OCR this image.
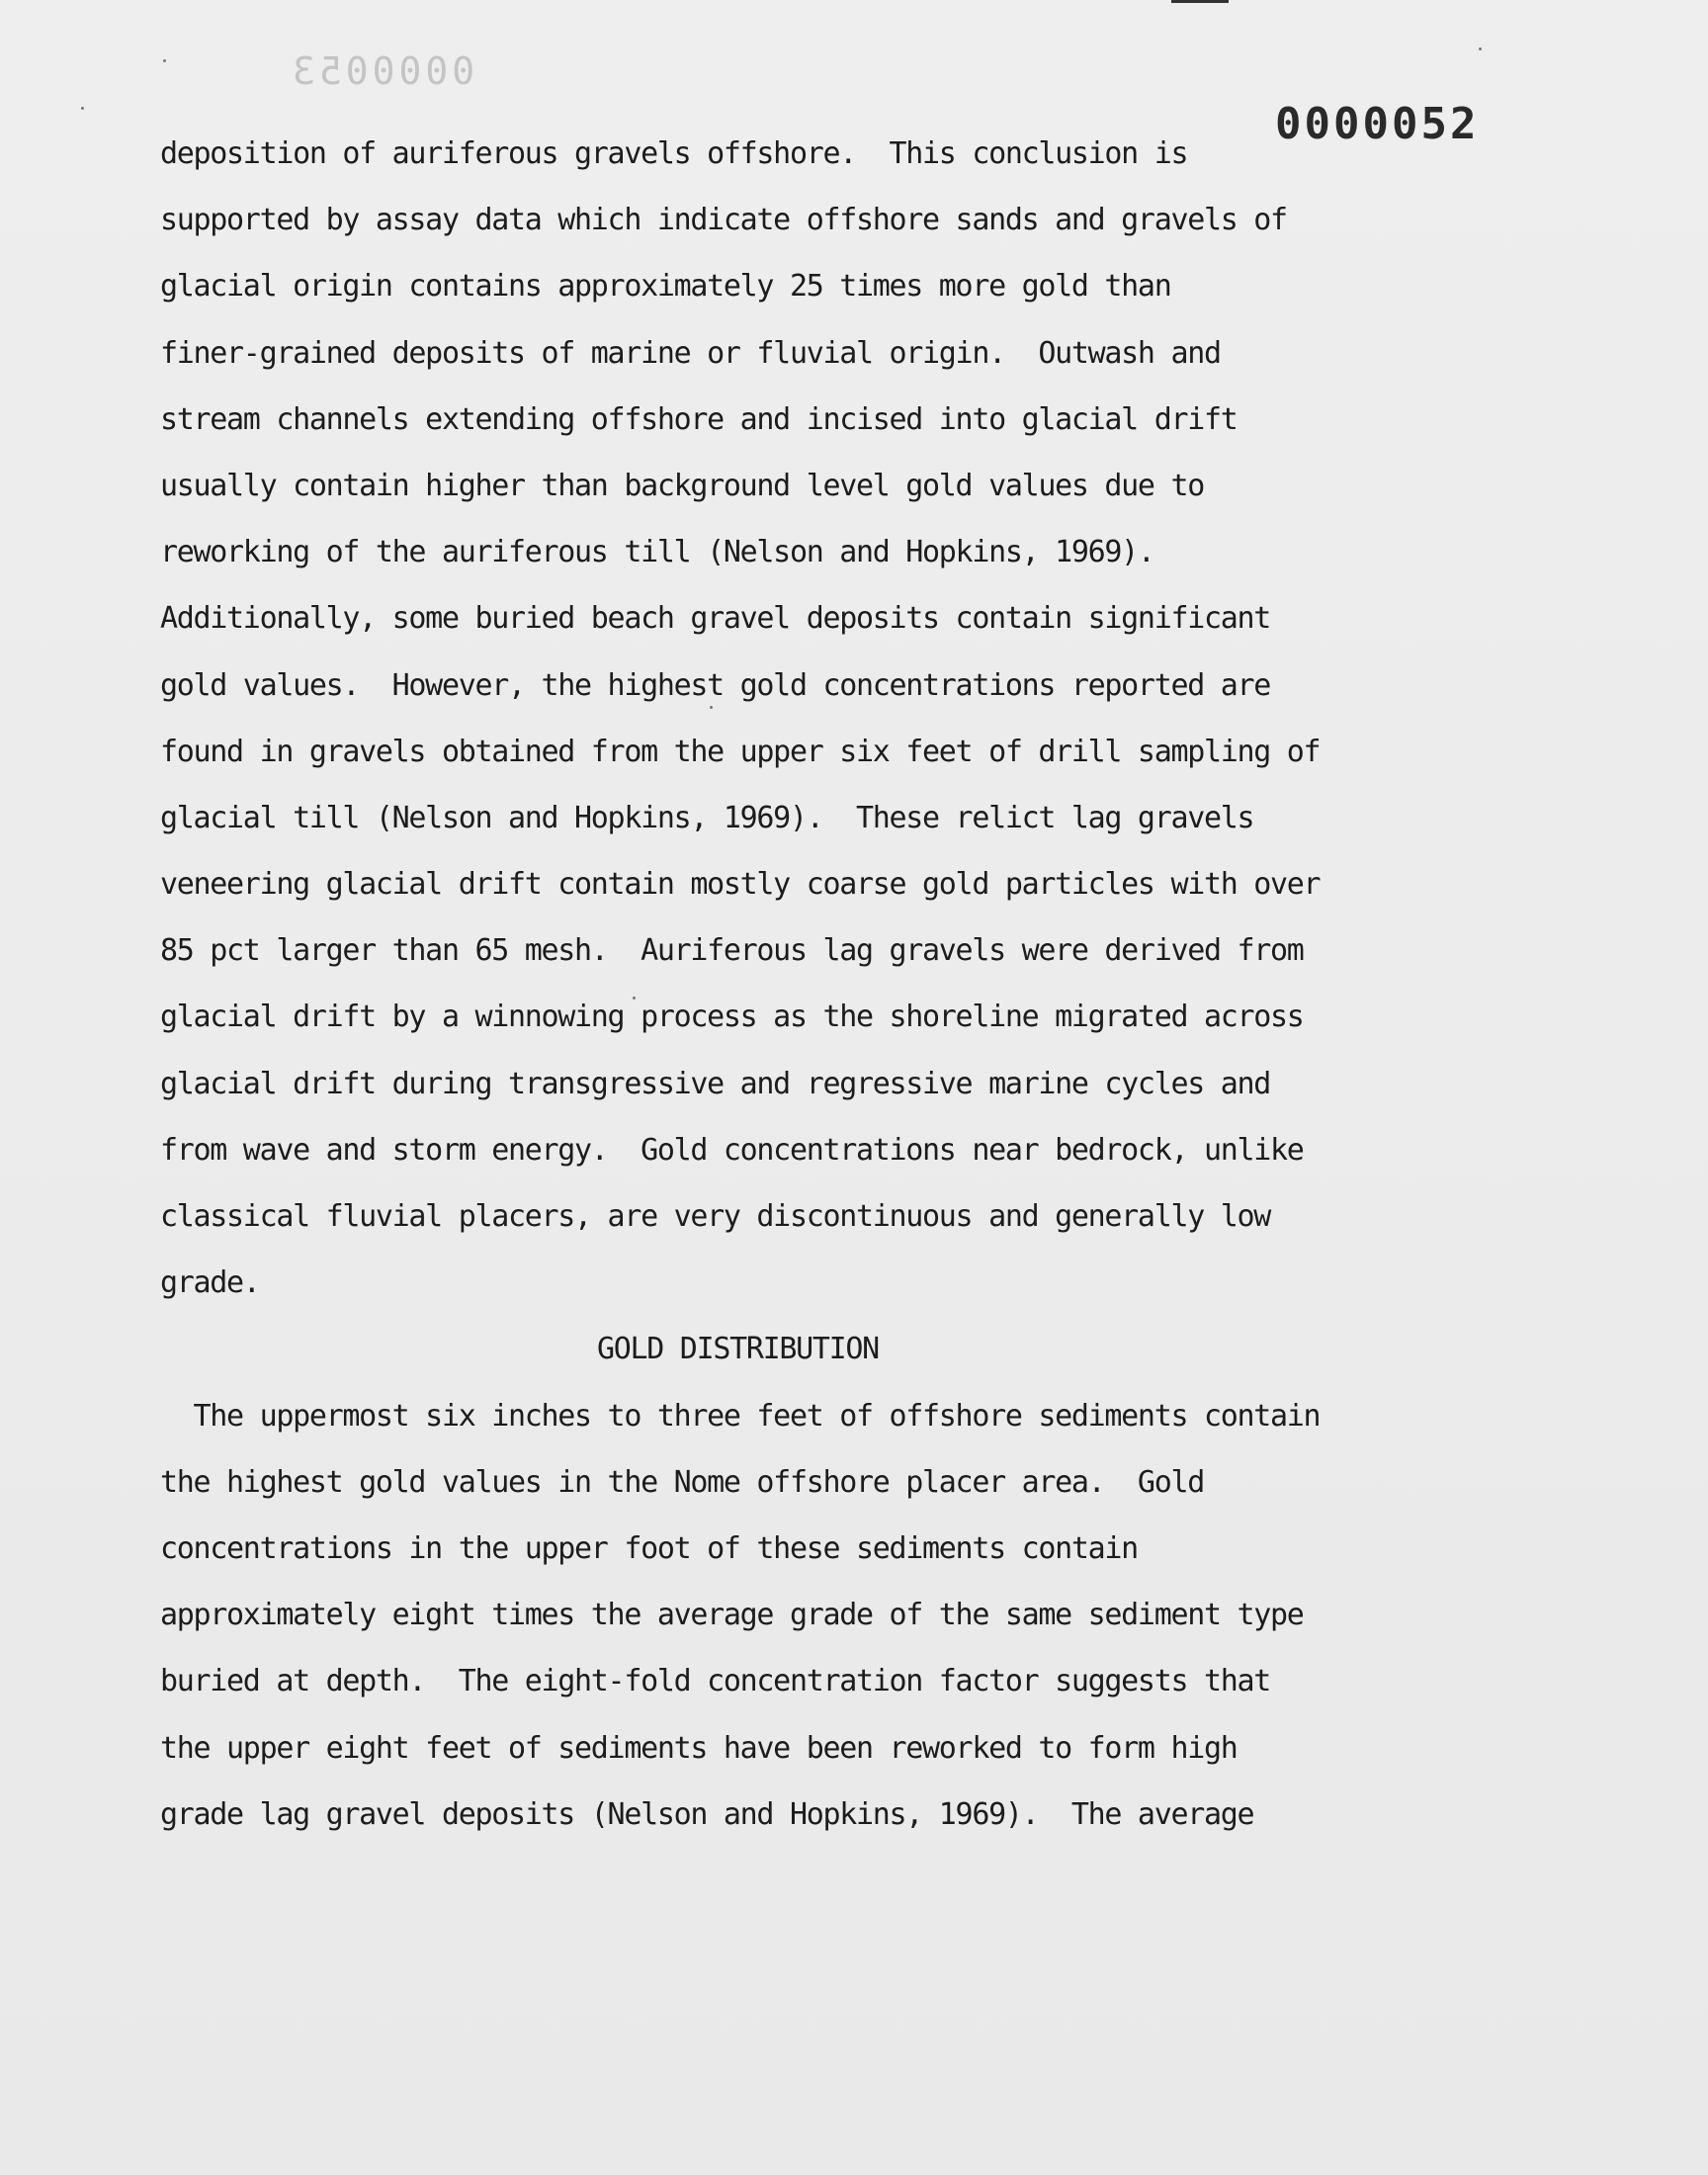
0000053
0000052
deposition of auriferous gravels offshore.  This conclusion is
supported by assay data which indicate offshore sands and gravels of
glacial origin contains approximately 25 times more gold than
finer-grained deposits of marine or fluvial origin.  Outwash and
stream channels extending offshore and incised into glacial drift
usually contain higher than background level gold values due to
reworking of the auriferous till (Nelson and Hopkins, 1969).
Additionally, some buried beach gravel deposits contain significant
gold values.  However, the highest gold concentrations reported are
found in gravels obtained from the upper six feet of drill sampling of
glacial till (Nelson and Hopkins, 1969).  These relict lag gravels
veneering glacial drift contain mostly coarse gold particles with over
85 pct larger than 65 mesh.  Auriferous lag gravels were derived from
glacial drift by a winnowing process as the shoreline migrated across
glacial drift during transgressive and regressive marine cycles and
from wave and storm energy.  Gold concentrations near bedrock, unlike
classical fluvial placers, are very discontinuous and generally low
grade.
GOLD DISTRIBUTION
The uppermost six inches to three feet of offshore sediments contain
the highest gold values in the Nome offshore placer area.  Gold
concentrations in the upper foot of these sediments contain
approximately eight times the average grade of the same sediment type
buried at depth.  The eight-fold concentration factor suggests that
the upper eight feet of sediments have been reworked to form high
grade lag gravel deposits (Nelson and Hopkins, 1969).  The average
